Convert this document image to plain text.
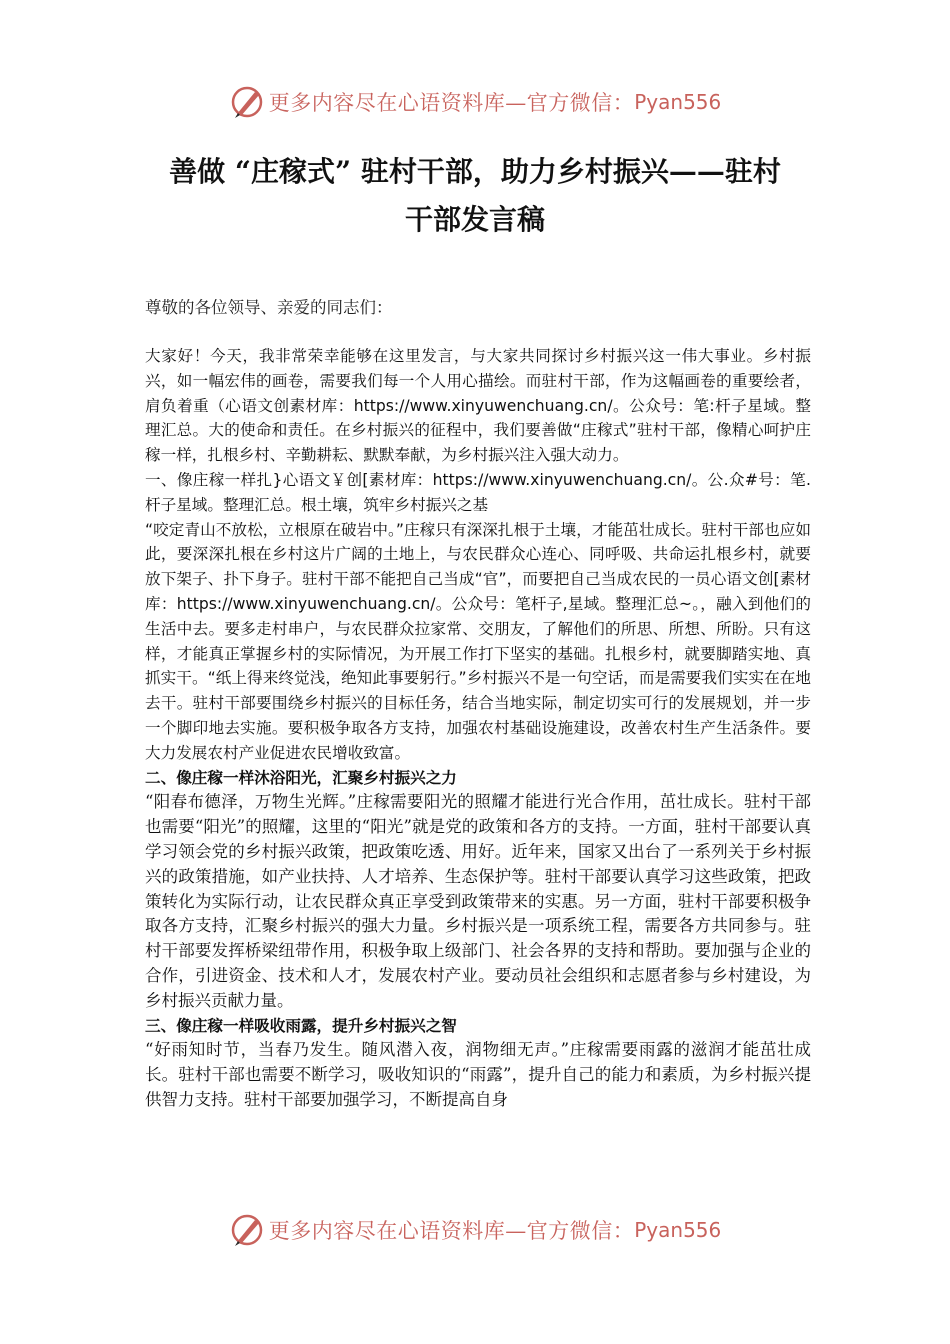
更多内容尽在心语资料库—官方微信： Pyan556
善做 “庄稼式” 驻村干部，助力乡村振兴——驻村
干部发言稿
尊敬的各位领导、亲爱的同志们：

大家好！今天，我非常荣幸能够在这里发言，与大家共同探讨乡村振兴这一伟大事业。乡村振兴，如一幅宏伟的画卷，需要我们每一个人用心描绘。而驻村干部，作为这幅画卷的重要绘者，肩负着重（心语文创素材库：https://www.xinyuwenchuang.cn/。公众号：笔:杆子星域。整理汇总。大的使命和责任。在乡村振兴的征程中，我们要善做“庄稼式”驻村干部，像精心呵护庄稼一样，扎根乡村、辛勤耕耘、默默奉献，为乡村振兴注入强大动力。

一、像庄稼一样扎}心语文￥创[素材库：https://www.xinyuwenchuang.cn/。公.众#号：笔.杆子星域。整理汇总。根土壤，筑牢乡村振兴之基

“咬定青山不放松，立根原在破岩中。”庄稼只有深深扎根于土壤，才能茁壮成长。驻村干部也应如此，要深深扎根在乡村这片广阔的土地上，与农民群众心连心、同呼吸、共命运扎根乡村，就要放下架子、扑下身子。驻村干部不能把自己当成“官”，而要把自己当成农民的一员心语文创[素材库：https://www.xinyuwenchuang.cn/。公众号：笔杆子,星域。整理汇总~。，融入到他们的生活中去。要多走村串户，与农民群众拉家常、交朋友，了解他们的所思、所想、所盼。只有这样，才能真正掌握乡村的实际情况，为开展工作打下坚实的基础。扎根乡村，就要脚踏实地、真抓实干。“纸上得来终觉浅，绝知此事要躬行。”乡村振兴不是一句空话，而是需要我们实实在在地去干。驻村干部要围绕乡村振兴的目标任务，结合当地实际，制定切实可行的发展规划，并一步一个脚印地去实施。要积极争取各方支持，加强农村基础设施建设，改善农村生产生活条件。要大力发展农村产业促进农民增收致富。

二、像庄稼一样沐浴阳光，汇聚乡村振兴之力

“阳春布德泽，万物生光辉。”庄稼需要阳光的照耀才能进行光合作用，茁壮成长。驻村干部也需要“阳光”的照耀，这里的“阳光”就是党的政策和各方的支持。一方面，驻村干部要认真学习领会党的乡村振兴政策，把政策吃透、用好。近年来，国家又出台了一系列关于乡村振兴的政策措施，如产业扶持、人才培养、生态保护等。驻村干部要认真学习这些政策，把政策转化为实际行动，让农民群众真正享受到政策带来的实惠。另一方面，驻村干部要积极争取各方支持，汇聚乡村振兴的强大力量。乡村振兴是一项系统工程，需要各方共同参与。驻村干部要发挥桥梁纽带作用，积极争取上级部门、社会各界的支持和帮助。要加强与企业的合作，引进资金、技术和人才，发展农村产业。要动员社会组织和志愿者参与乡村建设，为乡村振兴贡献力量。

三、像庄稼一样吸收雨露，提升乡村振兴之智

“好雨知时节，当春乃发生。随风潜入夜，润物细无声。”庄稼需要雨露的滋润才能茁壮成长。驻村干部也需要不断学习，吸收知识的“雨露”，提升自己的能力和素质，为乡村振兴提供智力支持。驻村干部要加强学习，不断提高自身

更多内容尽在心语资料库—官方微信： Pyan556
